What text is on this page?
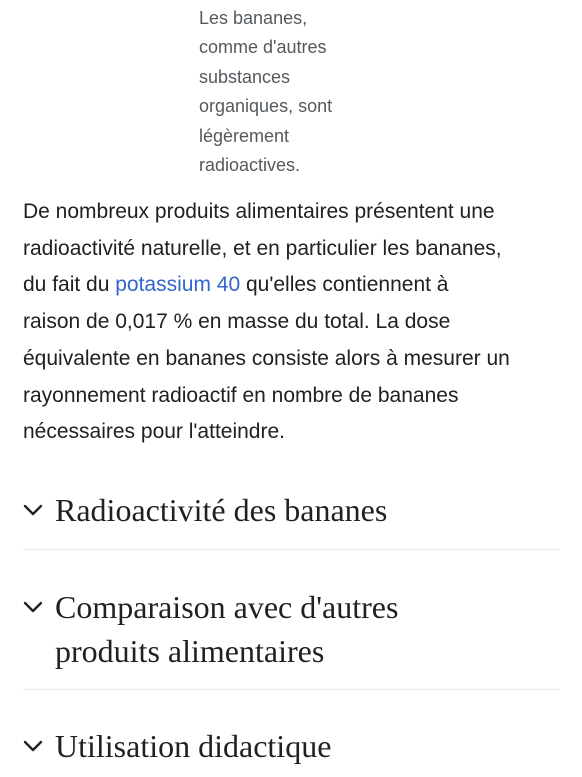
Les bananes,
comme d'autres
substances
organiques, sont
légèrement
radioactives.

De nombreux produits alimentaires présentent une
radioactivité naturelle, et en particulier les bananes,
du fait du potassium 40 qu'elles contiennent à
raison de 0,017 % en masse du total. La dose
équivalente en bananes consiste alors à mesurer un
rayonnement radioactif en nombre de bananes
nécessaires pour l'atteindre.

Radioactivité des bananes
Comparaison avec d'autres
produits alimentaires
Utilisation didactique
